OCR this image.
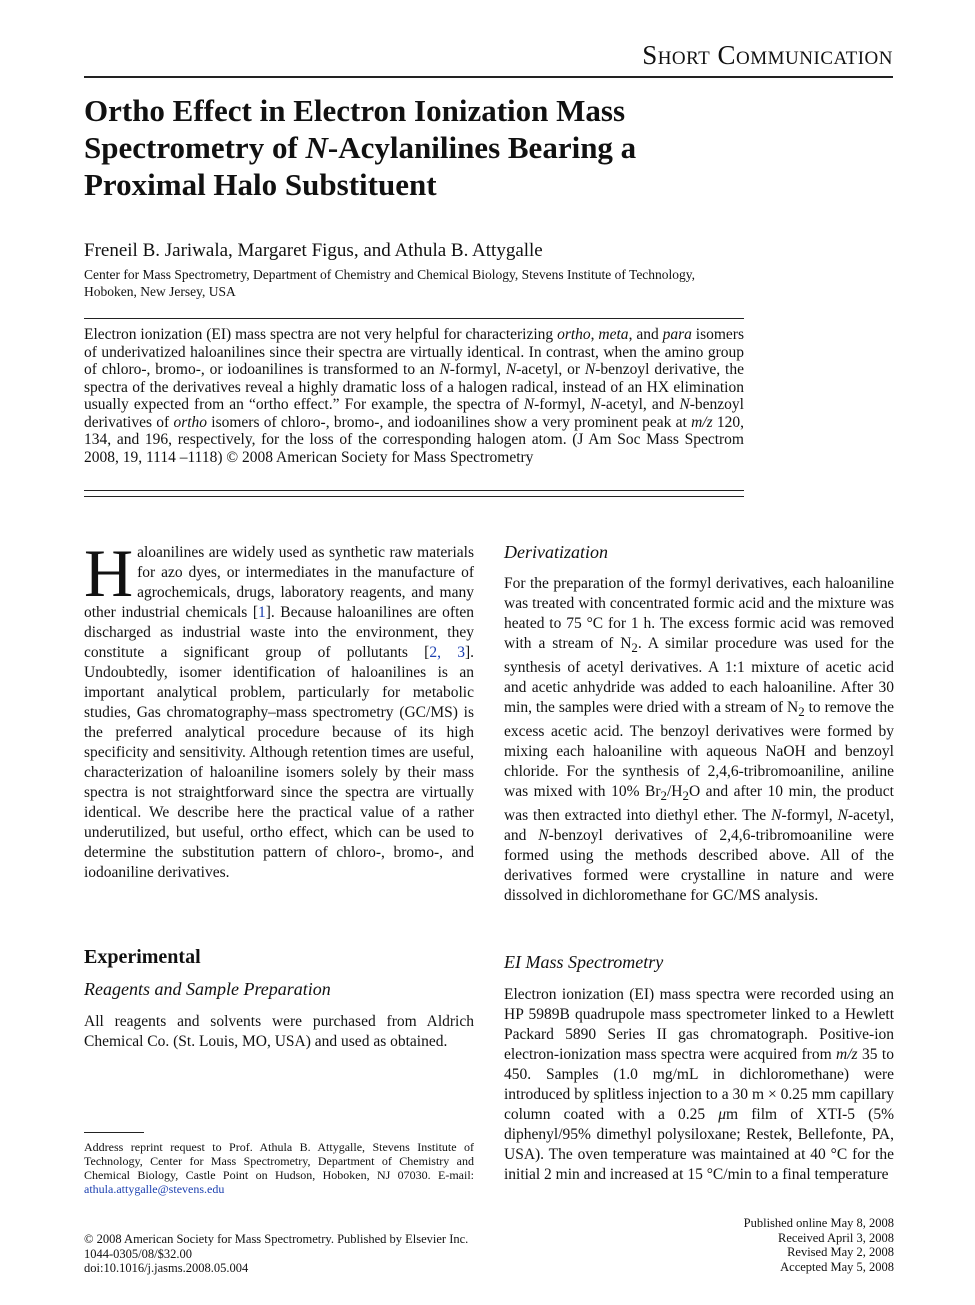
Short Communication
Ortho Effect in Electron Ionization Mass
Spectrometry of N-Acylanilines Bearing a
Proximal Halo Substituent
Freneil B. Jariwala, Margaret Figus, and Athula B. Attygalle
Center for Mass Spectrometry, Department of Chemistry and Chemical Biology, Stevens Institute of Technology, Hoboken, New Jersey, USA
Electron ionization (EI) mass spectra are not very helpful for characterizing ortho, meta, and para isomers of underivatized haloanilines since their spectra are virtually identical. In contrast, when the amino group of chloro-, bromo-, or iodoanilines is transformed to an N-formyl, N-acetyl, or N-benzoyl derivative, the spectra of the derivatives reveal a highly dramatic loss of a halogen radical, instead of an HX elimination usually expected from an “ortho effect.” For example, the spectra of N-formyl, N-acetyl, and N-benzoyl derivatives of ortho isomers of chloro-, bromo-, and iodoanilines show a very prominent peak at m/z 120, 134, and 196, respectively, for the loss of the corresponding halogen atom. (J Am Soc Mass Spectrom 2008, 19, 1114 –1118) © 2008 American Society for Mass Spectrometry
Haloanilines are widely used as synthetic raw materials for azo dyes, or intermediates in the manufacture of agrochemicals, drugs, laboratory reagents, and many other industrial chemicals [1]. Because haloanilines are often discharged as industrial waste into the environment, they constitute a significant group of pollutants [2, 3]. Undoubtedly, isomer identification of haloanilines is an important analytical problem, particularly for metabolic studies, Gas chromatography–mass spectrometry (GC/MS) is the preferred analytical procedure because of its high specificity and sensitivity. Although retention times are useful, characterization of haloaniline isomers solely by their mass spectra is not straightforward since the spectra are virtually identical. We describe here the practical value of a rather underutilized, but useful, ortho effect, which can be used to determine the substitution pattern of chloro-, bromo-, and iodoaniline derivatives.
Experimental
Reagents and Sample Preparation
All reagents and solvents were purchased from Aldrich Chemical Co. (St. Louis, MO, USA) and used as obtained.
Address reprint request to Prof. Athula B. Attygalle, Stevens Institute of Technology, Center for Mass Spectrometry, Department of Chemistry and Chemical Biology, Castle Point on Hudson, Hoboken, NJ 07030. E-mail: athula.attygalle@stevens.edu
Derivatization
For the preparation of the formyl derivatives, each haloaniline was treated with concentrated formic acid and the mixture was heated to 75 °C for 1 h. The excess formic acid was removed with a stream of $N_2$. A similar procedure was used for the synthesis of acetyl derivatives. A 1:1 mixture of acetic acid and acetic anhydride was added to each haloaniline. After 30 min, the samples were dried with a stream of $N_2$ to remove the excess acetic acid. The benzoyl derivatives were formed by mixing each haloaniline with aqueous NaOH and benzoyl chloride. For the synthesis of 2,4,6-tribromoaniline, aniline was mixed with 10% $Br_2/H_2O$ and after 10 min, the product was then extracted into diethyl ether. The N-formyl, N-acetyl, and N-benzoyl derivatives of 2,4,6-tribromoaniline were formed using the methods described above. All of the derivatives formed were crystalline in nature and were dissolved in dichloromethane for GC/MS analysis.
EI Mass Spectrometry
Electron ionization (EI) mass spectra were recorded using an HP 5989B quadrupole mass spectrometer linked to a Hewlett Packard 5890 Series II gas chromatograph. Positive-ion electron-ionization mass spectra were acquired from m/z 35 to 450. Samples (1.0 mg/mL in dichloromethane) were introduced by splitless injection to a 30 m × 0.25 mm capillary column coated with a 0.25 μm film of XTI-5 (5% diphenyl/95% dimethyl polysiloxane; Restek, Bellefonte, PA, USA). The oven temperature was maintained at 40 °C for the initial 2 min and increased at 15 °C/min to a final temperature
© 2008 American Society for Mass Spectrometry. Published by Elsevier Inc.
1044-0305/08/$32.00
doi:10.1016/j.jasms.2008.05.004
Published online May 8, 2008
Received April 3, 2008
Revised May 2, 2008
Accepted May 5, 2008
